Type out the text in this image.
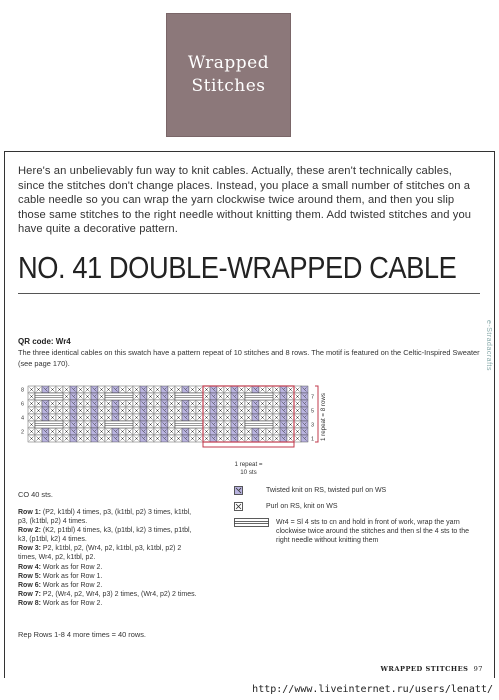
Wrapped
Stitches

Here's an unbelievably fun way to knit cables. Actually, these aren't technically cables, since the stitches don't change places. Instead, you place a small number of stitches on a cable needle so you can wrap the yarn clockwise twice around them, and then you slip those same stitches to the right needle without knitting them. Add twisted stitches and you have quite a decorative pattern.

NO. 41 DOUBLE-WRAPPED CABLE
QR code: Wr4
The three identical cables on this swatch have a pattern repeat of 10 stitches and 8 rows. The motif is featured on the Celtic-Inspired Sweater (see page 170).	e-Stradacrafts
8
6
4
2
7
5
3
1 1 repeat = 8 rows
1 repeat =
10 sts
CO 40 sts.
Row 1: (P2, k1tbl) 4 times, p3, (k1tbl, p2) 3 times, k1tbl, p3, (k1tbl, p2) 4 times.
Row 2: (K2, p1tbl) 4 times, k3, (p1tbl, k2) 3 times, p1tbl, k3, (p1tbl, k2) 4 times.
Row 3: P2, k1tbl, p2, (Wr4, p2, k1tbl, p3, k1tbl, p2) 2 times, Wr4, p2, k1tbl, p2.
Row 4: Work as for Row 2.
Row 5: Work as for Row 1.
Row 6: Work as for Row 2.
Row 7: P2, (Wr4, p2, Wr4, p3) 2 times, (Wr4, p2) 2 times.
Row 8: Work as for Row 2.
Twisted knit on RS, twisted purl on WS
Purl on RS, knit on WS
Wr4 = Sl 4 sts to cn and hold in front of work, wrap the yarn clockwise twice around the stitches and then sl the 4 sts to the right needle without knitting them
Rep Rows 1-8 4 more times = 40 rows.
WRAPPED STITCHES 97
http://www.liveinternet.ru/users/lenatt/
